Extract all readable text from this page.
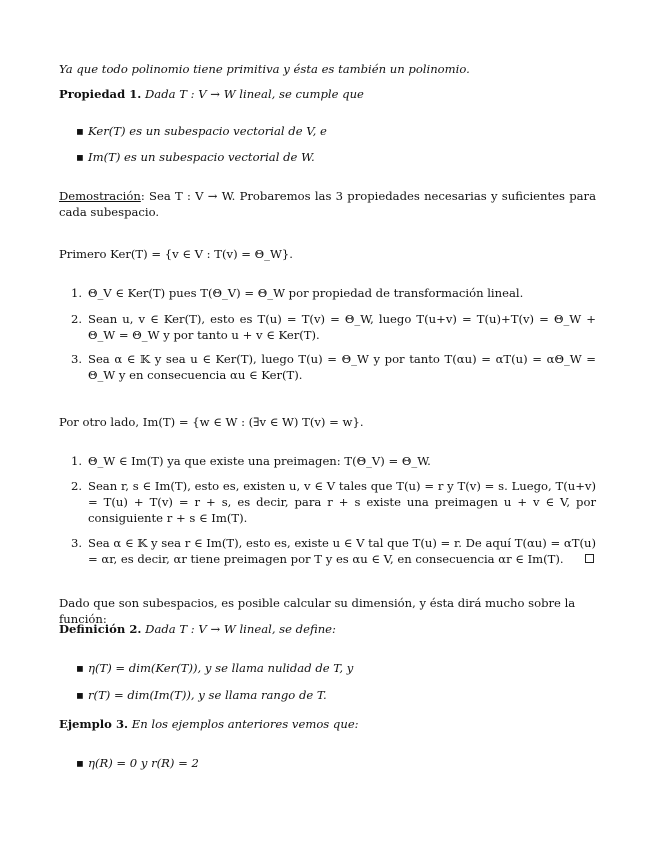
Ya que todo polinomio tiene primitiva y ésta es también un polinomio.
Propiedad 1. Dada T : V → W lineal, se cumple que
▪ Ker(T) es un subespacio vectorial de V, e
▪ Im(T) es un subespacio vectorial de W.
Demostración: Sea T : V → W. Probaremos las 3 propiedades necesarias y suficientes para cada subespacio.
Primero Ker(T) = {v ∈ V : T(v) = Θ_W}.
1. Θ_V ∈ Ker(T) pues T(Θ_V) = Θ_W por propiedad de transformación lineal.
2. Sean u, v ∈ Ker(T), esto es T(u) = T(v) = Θ_W, luego T(u+v) = T(u)+T(v) = Θ_W + Θ_W = Θ_W y por tanto u + v ∈ Ker(T).
3. Sea α ∈ 𝕂 y sea u ∈ Ker(T), luego T(u) = Θ_W y por tanto T(αu) = αT(u) = αΘ_W = Θ_W y en consecuencia αu ∈ Ker(T).
Por otro lado, Im(T) = {w ∈ W : (∃v ∈ W) T(v) = w}.
1. Θ_W ∈ Im(T) ya que existe una preimagen: T(Θ_V) = Θ_W.
2. Sean r, s ∈ Im(T), esto es, existen u, v ∈ V tales que T(u) = r y T(v) = s. Luego, T(u+v) = T(u) + T(v) = r + s, es decir, para r + s existe una preimagen u + v ∈ V, por consiguiente r + s ∈ Im(T).
3. Sea α ∈ 𝕂 y sea r ∈ Im(T), esto es, existe u ∈ V tal que T(u) = r. De aquí T(αu) = αT(u) = αr, es decir, αr tiene preimagen por T y es αu ∈ V, en consecuencia αr ∈ Im(T).
Dado que son subespacios, es posible calcular su dimensión, y ésta dirá mucho sobre la función:
Definición 2. Dada T : V → W lineal, se define:
▪ η(T) = dim(Ker(T)), y se llama nulidad de T, y
▪ r(T) = dim(Im(T)), y se llama rango de T.
Ejemplo 3. En los ejemplos anteriores vemos que:
▪ η(R) = 0 y r(R) = 2
